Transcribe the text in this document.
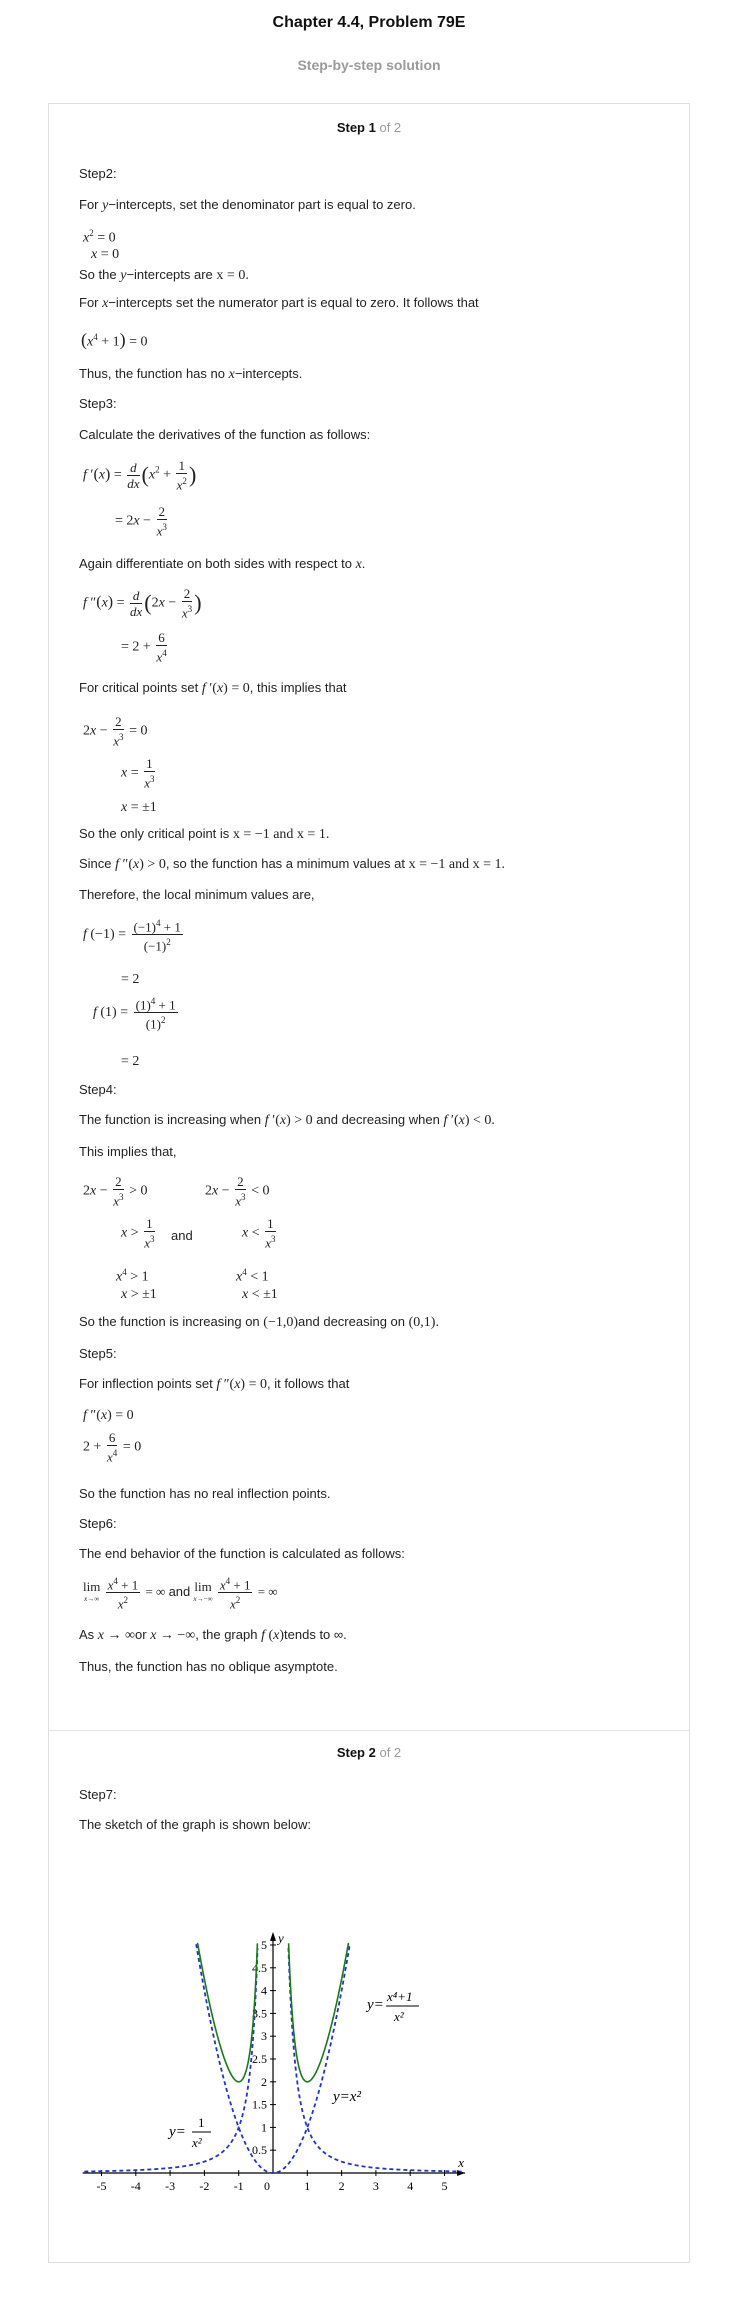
Chapter 4.4, Problem 79E
Step-by-step solution
Step 1 of 2
Step2:
For y−intercepts, set the denominator part is equal to zero.
$x^2 = 0$
x = 0
So the y−intercepts are x = 0.
For x−intercepts set the numerator part is equal to zero. It follows that
$(x^4 + 1) = 0$
Thus, the function has no x−intercepts.
Step3:
Calculate the derivatives of the function as follows:
f $'(x) = \frac{d}{dx} (x^2 + \frac{1}{x^2}$ )
= $2x - \frac{2}{x^3}$
Again differentiate on both sides with respect to x.
f $''(x) = \frac{d}{dx} (2x - \frac{2}{x^3}$ )
= $2 + \frac{6}{x^4}$
For critical points set f ′(x) = 0, this implies that
$2x - \frac{2}{x^3} = 0$
$x = \frac{1}{x^3}$
x = ±1
So the only critical point is x = −1 and x = 1.
Since f ″(x) > 0, so the function has a minimum values at x = −1 and x = 1.
Therefore, the local minimum values are,
f $(-1) = \frac{(-1)^4 + 1}{(-1)^2}$
= 2
f $(1) = \frac{(1)^4 + 1}{(1)^2}$
= 2
Step4:
The function is increasing when f ′(x) > 0 and decreasing when f ′(x) < 0.
This implies that,
$2x - \frac{2}{x^3} > 0$	$2x - \frac{2}{x^3} < 0$
$x > \frac{1}{x^3}$ and	$x < \frac{1}{x^3}$
$x^4 > 1$	$x^4 < 1$
x > ±1	x < ±1
So the function is increasing on (−1,0)and decreasing on (0,1).
Step5:
For inflection points set f ″(x) = 0, it follows that
f ″(x) = 0
$2 + \frac{6}{x^4} = 0$
So the function has no real inflection points.
Step6:
The end behavior of the function is calculated as follows:
lim
x→∞
$\frac{x^4 + 1}{x^2}$ = ∞ and lim
x→−∞
$\frac{x^4 + 1}{x^2}$ = ∞
As x → ∞or x → −∞, the graph f (x)tends to ∞.
Thus, the function has no oblique asymptote.
Step 2 of 2
Step7:
The sketch of the graph is shown below:
-5 -4 -3 -2 -1 0	1 2 3 4 5
0.5
1
1.5
2
2.5
3
3.5
4
4.5
5
x
y
y=
x⁴+1
x²
y=x²
y=
1
x²
